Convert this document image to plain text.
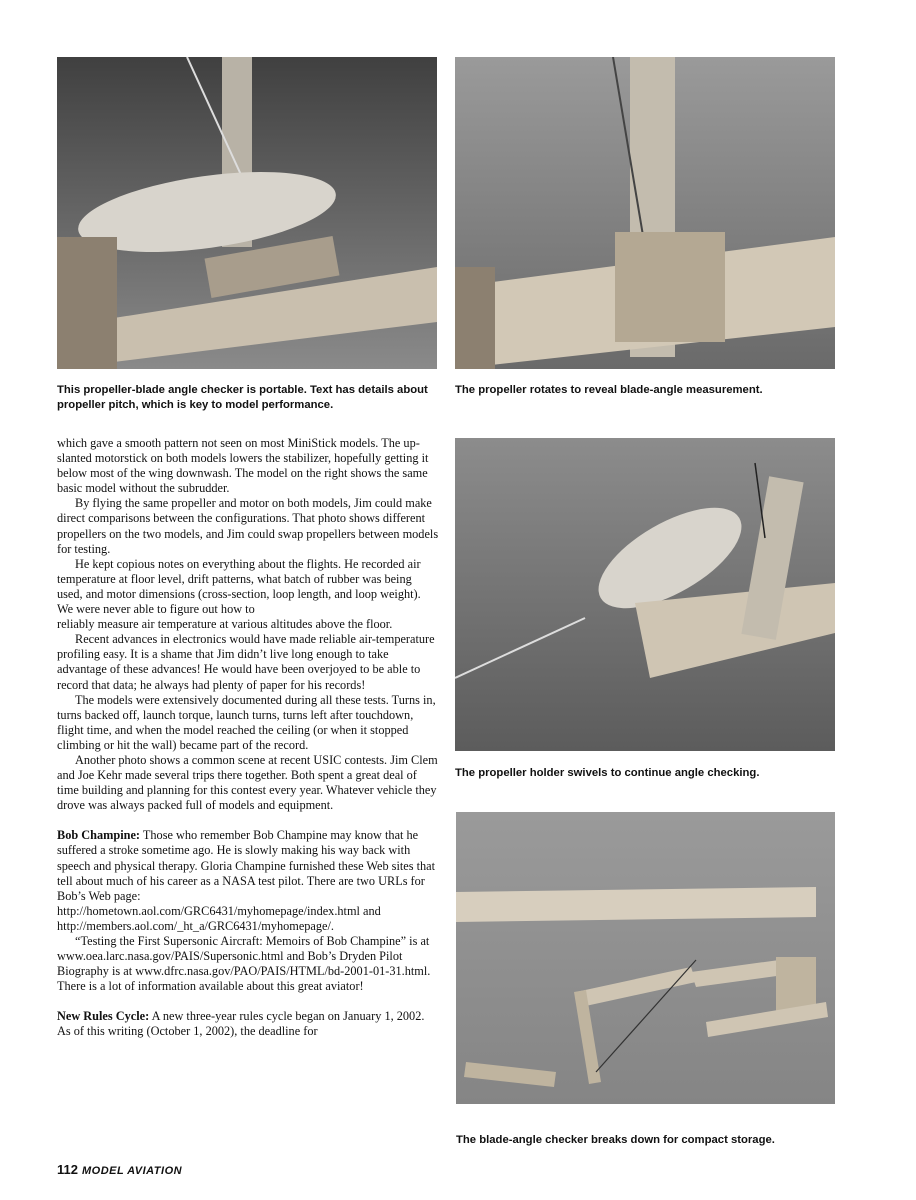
This propeller-blade angle checker is portable. Text has details about propeller pitch, which is key to model performance.
The propeller rotates to reveal blade-angle measurement.
The propeller holder swivels to continue angle checking.
The blade-angle checker breaks down for compact storage.

which gave a smooth pattern not seen on most MiniStick models. The up-slanted motorstick on both models lowers the stabilizer, hopefully getting it below most of the wing downwash. The model on the right shows the same basic model without the subrudder.

By flying the same propeller and motor on both models, Jim could make direct comparisons between the configurations. That photo shows different propellers on the two models, and Jim could swap propellers between models for testing.

He kept copious notes on everything about the flights. He recorded air temperature at floor level, drift patterns, what batch of rubber was being used, and motor dimensions (cross-section, loop length, and loop weight). We were never able to figure out how to

reliably measure air temperature at various altitudes above the floor.

Recent advances in electronics would have made reliable air-temperature profiling easy. It is a shame that Jim didn’t live long enough to take advantage of these advances! He would have been overjoyed to be able to record that data; he always had plenty of paper for his records!

The models were extensively documented during all these tests. Turns in, turns backed off, launch torque, launch turns, turns left after touchdown, flight time, and when the model reached the ceiling (or when it stopped climbing or hit the wall) became part of the record.

Another photo shows a common scene at recent USIC contests. Jim Clem and Joe Kehr made several trips there together. Both spent a great deal of time building and planning for this contest every year. Whatever vehicle they drove was always packed full of models and equipment.

Bob Champine: Those who remember Bob Champine may know that he suffered a stroke sometime ago. He is slowly making his way back with speech and physical therapy. Gloria Champine furnished these Web sites that tell about much of his career as a NASA test pilot. There are two URLs for Bob’s Web page: http://hometown.aol.com/GRC6431/myhomepage/index.html and http://members.aol.com/_ht_a/GRC6431/myhomepage/.

“Testing the First Supersonic Aircraft: Memoirs of Bob Champine” is at www.oea.larc.nasa.gov/PAIS/Supersonic.html and Bob’s Dryden Pilot Biography is at www.dfrc.nasa.gov/PAO/PAIS/HTML/bd-2001-01-31.html. There is a lot of information available about this great aviator!

New Rules Cycle: A new three-year rules cycle began on January 1, 2002. As of this writing (October 1, 2002), the deadline for

112 MODEL AVIATION
